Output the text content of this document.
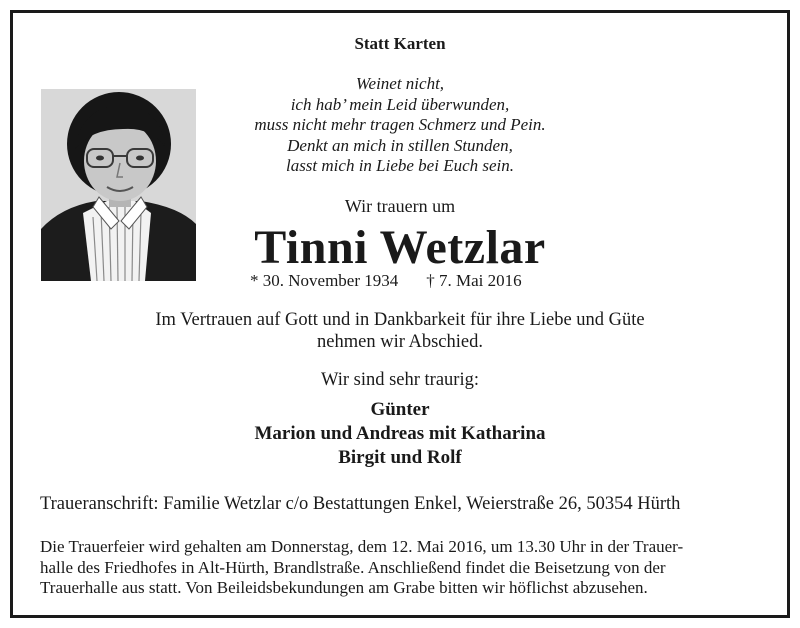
Statt Karten
Weinet nicht,
ich hab’ mein Leid überwunden,
muss nicht mehr tragen Schmerz und Pein.
Denkt an mich in stillen Stunden,
lasst mich in Liebe bei Euch sein.
Wir trauern um
Tinni Wetzlar
* 30. November 1934 † 7. Mai 2016
Im Vertrauen auf Gott und in Dankbarkeit für ihre Liebe und Güte
nehmen wir Abschied.
Wir sind sehr traurig:
Günter
Marion und Andreas mit Katharina
Birgit und Rolf
Traueranschrift: Familie Wetzlar c/o Bestattungen Enkel, Weierstraße 26, 50354 Hürth
Die Trauerfeier wird gehalten am Donnerstag, dem 12. Mai 2016, um 13.30 Uhr in der Trauer-
halle des Friedhofes in Alt-Hürth, Brandlstraße. Anschließend findet die Beisetzung von der
Trauerhalle aus statt. Von Beileidsbekundungen am Grabe bitten wir höflichst abzusehen.
